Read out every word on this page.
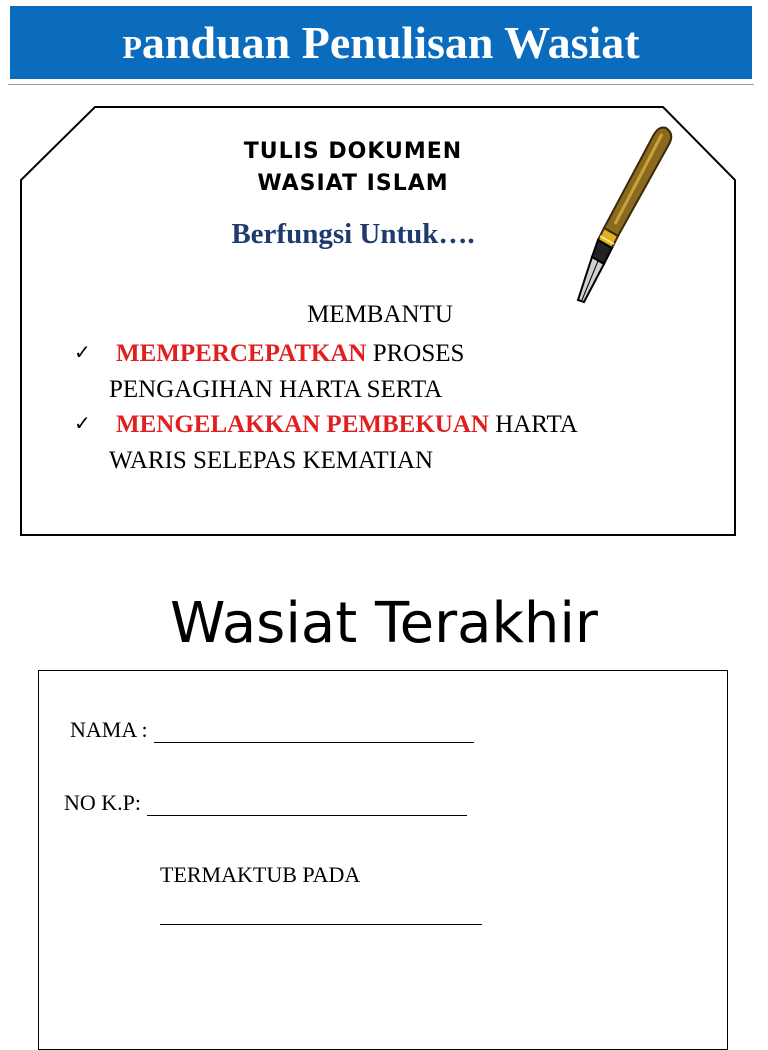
Panduan Penulisan Wasiat
TULIS DOKUMEN
WASIAT ISLAM
Berfungsi Untuk….
MEMBANTU
✓	MEMPERCEPATKAN PROSES
PENGAGIHAN HARTA SERTA
✓	MENGELAKKAN PEMBEKUAN HARTA
WARIS SELEPAS KEMATIAN
Wasiat Terakhir
NAMA :
NO K.P:
TERMAKTUB PADA
